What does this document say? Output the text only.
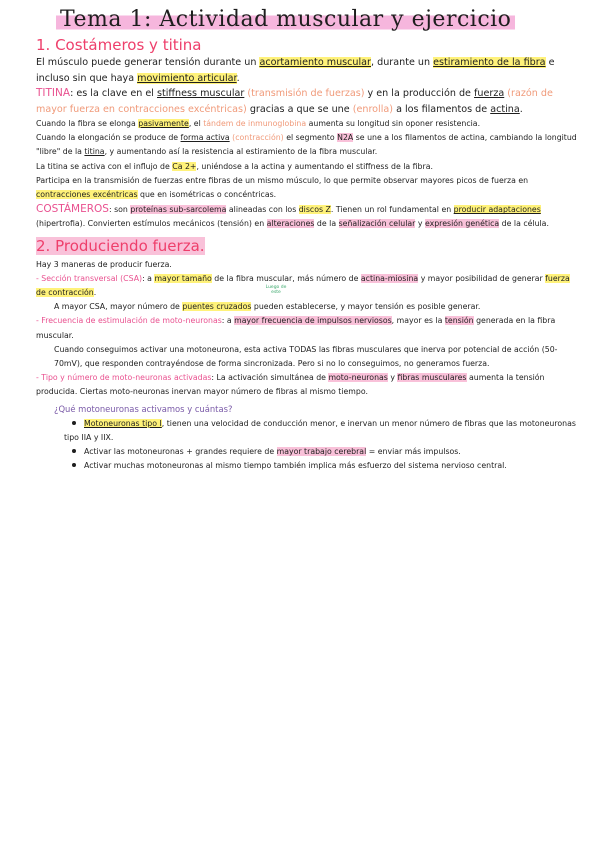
Tema 1: Actividad muscular y ejercicio
1. Costámeros y titina

El músculo puede generar tensión durante un acortamiento muscular, durante un estiramiento de la fibra e incluso sin que haya movimiento articular.

TITINA: es la clave en el stiffness muscular (transmisión de fuerzas) y en la producción de fuerza (razón de mayor fuerza en contracciones excéntricas) gracias a que se une (enrolla) a los filamentos de actina.

Cuando la fibra se elonga pasivamente, el tándem de inmunoglobina aumenta su longitud sin oponer resistencia.

Cuando la elongación se produce de forma activa (contracción) el segmento N2A se une a los filamentos de actina, cambiando la longitud "libre" de la titina, y aumentando así la resistencia al estiramiento de la fibra muscular.

La titina se activa con el influjo de Ca 2+, uniéndose a la actina y aumentando el stiffness de la fibra.

Luego de este

Participa en la transmisión de fuerzas entre fibras de un mismo músculo, lo que permite observar mayores picos de fuerza en contracciones excéntricas que en isométricas o concéntricas.

COSTÁMEROS: son proteínas sub-sarcolema alineadas con los discos Z. Tienen un rol fundamental en producir adaptaciones (hipertrofia). Convierten estímulos mecánicos (tensión) en alteraciones de la señalización celular y expresión genética de la célula.

2. Produciendo fuerza.

Hay 3 maneras de producir fuerza.

- Sección transversal (CSA): a mayor tamaño de la fibra muscular, más número de actina-miosina y mayor posibilidad de generar fuerza de contracción.

A mayor CSA, mayor número de puentes cruzados pueden establecerse, y mayor tensión es posible generar.

- Frecuencia de estimulación de moto-neuronas: a mayor frecuencia de impulsos nerviosos, mayor es la tensión generada en la fibra muscular.

Cuando conseguimos activar una motoneurona, esta activa TODAS las fibras musculares que inerva por potencial de acción (50-70mV), que responden contrayéndose de forma sincronizada. Pero si no lo conseguimos, no generamos fuerza.

- Tipo y número de moto-neuronas activadas: La activación simultánea de moto-neuronas y fibras musculares aumenta la tensión producida. Ciertas moto-neuronas inervan mayor número de fibras al mismo tiempo.

¿Qué motoneuronas activamos y cuántas?

Motoneuronas tipo I, tienen una velocidad de conducción menor, e inervan un menor número de fibras que las motoneuronas tipo IIA y IIX.

Activar las motoneuronas + grandes requiere de mayor trabajo cerebral = enviar más impulsos.

Activar muchas motoneuronas al mismo tiempo también implica más esfuerzo del sistema nervioso central.
